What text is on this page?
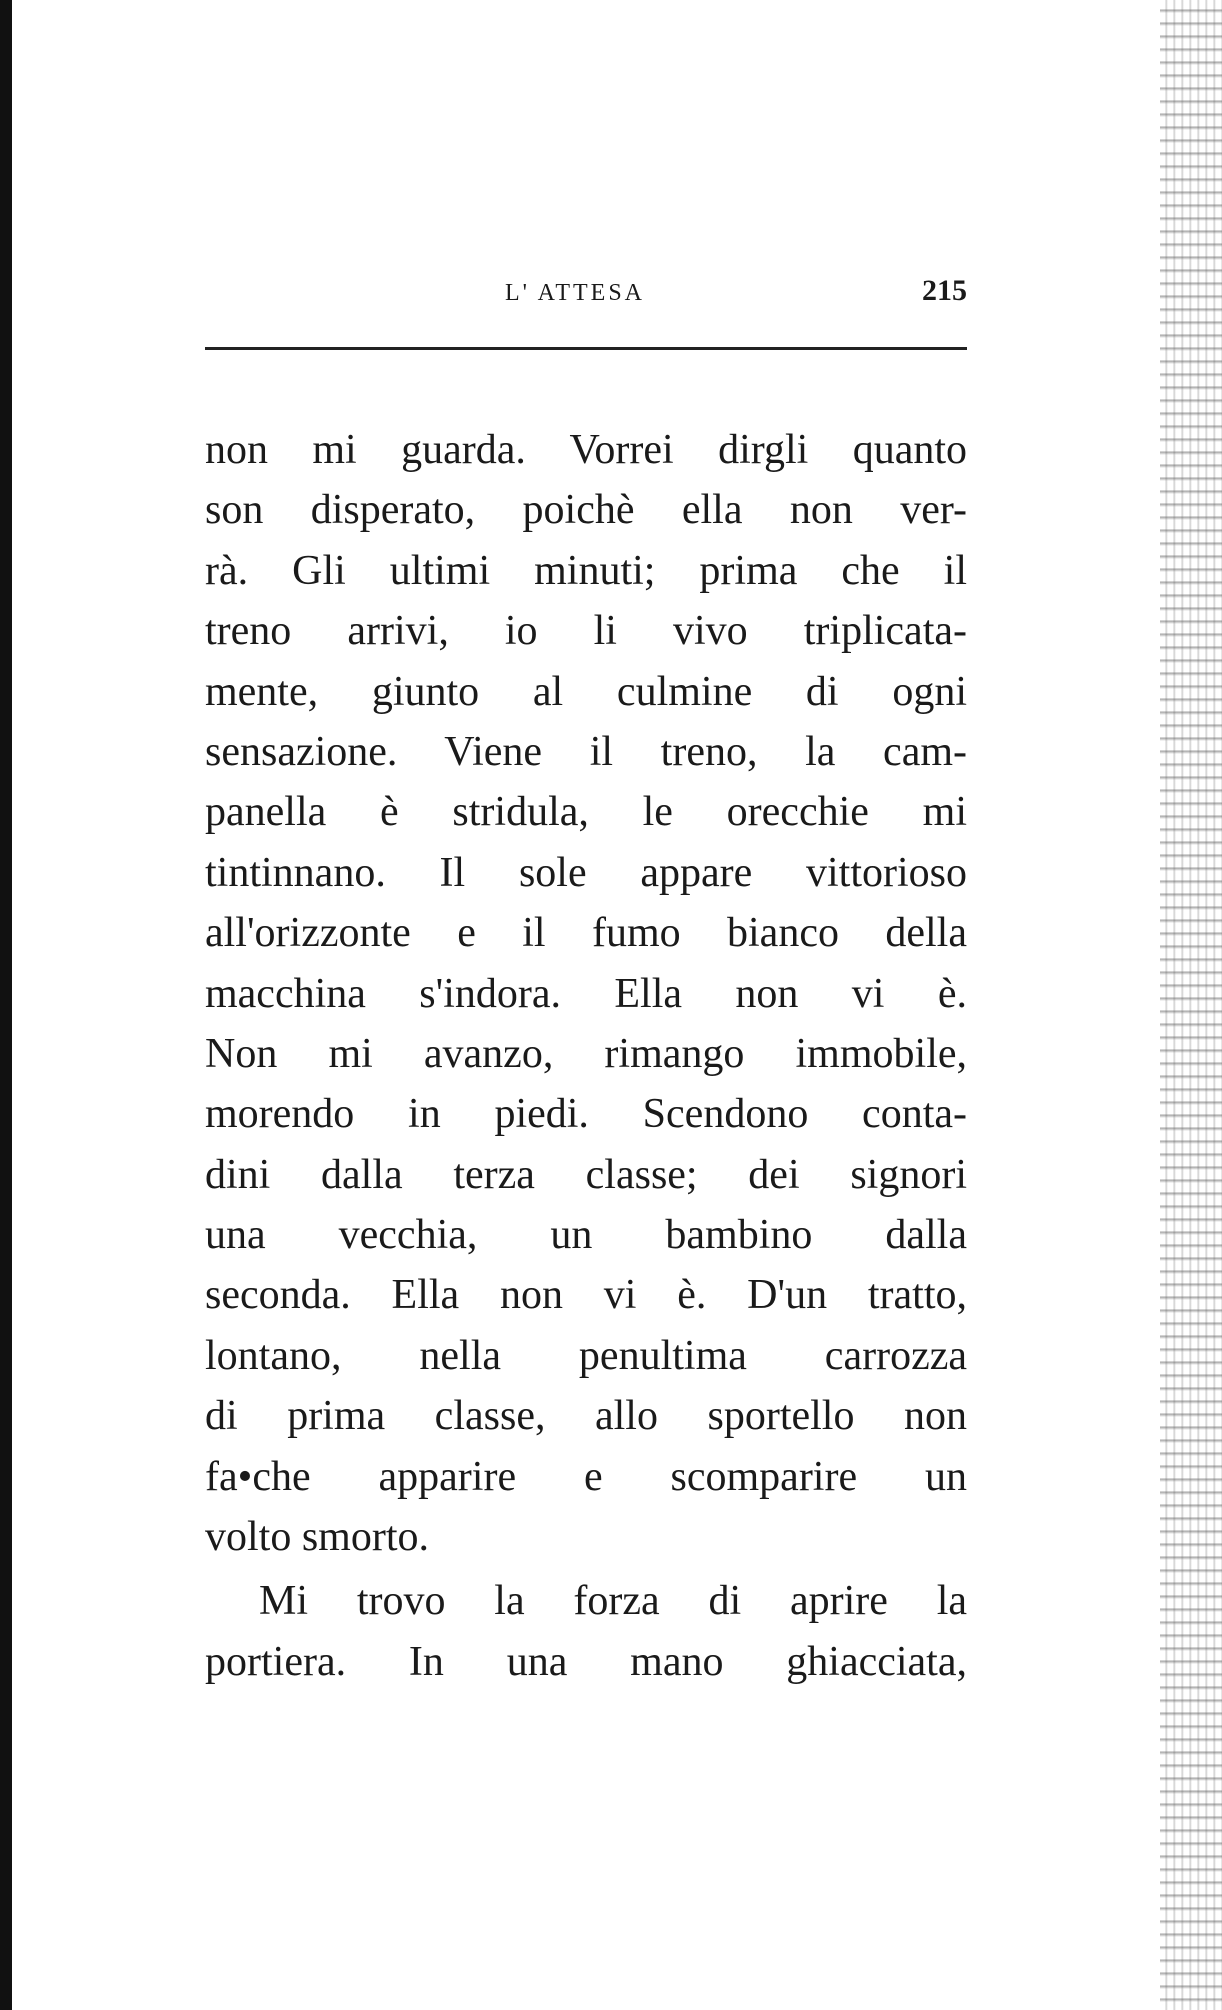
L' ATTESA	215
non mi guarda. Vorrei dirgli quanto
son disperato, poichè ella non ver-
rà. Gli ultimi minuti; prima che il
treno arrivi, io li vivo triplicata-
mente, giunto al culmine di ogni
sensazione. Viene il treno, la cam-
panella è stridula, le orecchie mi
tintinnano. Il sole appare vittorioso
all'orizzonte e il fumo bianco della
macchina s'indora. Ella non vi è.
Non mi avanzo, rimango immobile,
morendo in piedi. Scendono conta-
dini dalla terza classe; dei signori
una vecchia, un bambino dalla
seconda. Ella non vi è. D'un tratto,
lontano, nella penultima carrozza
di prima classe, allo sportello non
fa•che apparire e scomparire un
volto smorto.
Mi trovo la forza di aprire la
portiera. In una mano ghiacciata,
